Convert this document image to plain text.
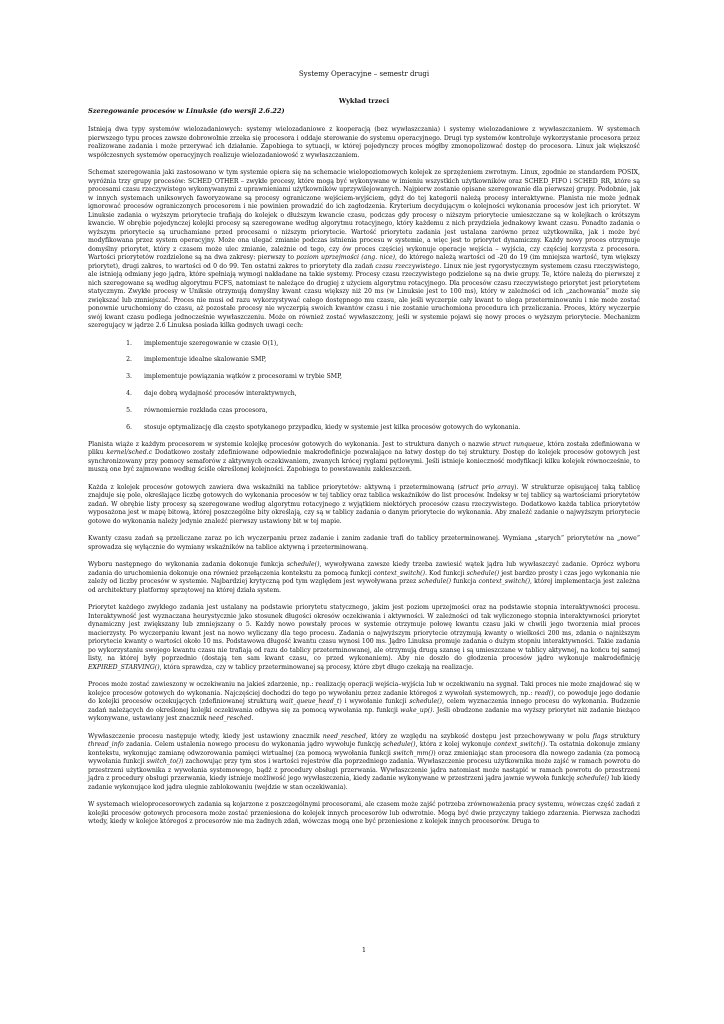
Systemy Operacyjne – semestr drugi
Wykład trzeci
Szeregowanie procesów w Linuksie (do wersji 2.6.22)

Istnieją dwa typy systemów wielozadaniowych: systemy wielozadaniowe z kooperacją (bez wywłaszczania) i systemy wielozadaniowe z wywłaszczaniem. W systemach pierwszego typu proces zawsze dobrowolnie zrzeka się procesora i oddaje sterowanie do systemu operacyjnego. Drugi typ systemów kontroluje wykorzystanie procesora przez realizowane zadania i może przerywać ich działanie. Zapobiega to sytuacji, w której pojedynczy proces mógłby zmonopolizować dostęp do procesora. Linux jak większość współczesnych systemów operacyjnych realizuje wielozadaniowość z wywłaszczaniem.

Schemat szeregowania jaki zastosowano w tym systemie opiera się na schemacie wielopoziomowych kolejek ze sprzężeniem zwrotnym. Linux, zgodnie ze standardem POSIX, wyróżnia trzy grupy procesów: SCHED_OTHER – zwykłe procesy, które mogą być wykonywane w imieniu wszystkich użytkowników oraz SCHED_FIFO i SCHED_RR, które są procesami czasu rzeczywistego wykonywanymi z uprawnieniami użytkowników uprzywilejowanych. Najpierw zostanie opisane szeregowanie dla pierwszej grupy. Podobnie, jak w innych systemach uniksowych faworyzowane są procesy ograniczone wejściem-wyjściem, gdyż do tej kategorii należą procesy interaktywne. Planista nie może jednak ignorować procesów ograniczonych procesorem i nie powinien prowadzić do ich zagłodzenia. Kryterium decydującym o kolejności wykonania procesów jest ich priorytet. W Linuksie zadania o wyższym priorytecie trafiają do kolejek o dłuższym kwancie czasu, podczas gdy procesy o niższym priorytecie umieszczane są w kolejkach o krótszym kwancie. W obrębie pojedynczej kolejki procesy są szeregowane według algorytmu rotacyjnego, który każdemu z nich przydziela jednakowy kwant czasu. Ponadto zadania o wyższym priorytecie są uruchamiane przed procesami o niższym priorytecie. Wartość priorytetu zadania jest ustalana zarówno przez użytkownika, jak i może być modyfikowana przez system operacyjny. Może ona ulegać zmianie podczas istnienia procesu w systemie, a więc jest to priorytet dynamiczny. Każdy nowy proces otrzymuje domyślny priorytet, który z czasem może ulec zmianie, zależnie od tego, czy ów proces częściej wykonuje operacje wejścia – wyjścia, czy częściej korzysta z procesora. Wartości priorytetów rozdzielone są na dwa zakresy: pierwszy to poziom uprzejmości (ang. nice), do którego należą wartości od -20 do 19 (im mniejsza wartość, tym większy priorytet), drugi zakres, to wartości od 0 do 99. Ten ostatni zakres to priorytety dla zadań czasu rzeczywistego. Linux nie jest rygorystycznym systemem czasu rzeczywistego, ale istnieją odmiany jego jądra, które spełniają wymogi nakładane na takie systemy. Procesy czasu rzeczywistego podzielone są na dwie grupy. Te, które należą do pierwszej z nich szeregowane są według algorytmu FCFS, natomiast te należące do drugiej z użyciem algorytmu rotacyjnego. Dla procesów czasu rzeczywistego priorytet jest priorytetem statycznym. Zwykłe procesy w Uniksie otrzymują domyślny kwant czasu większy niż 20 ms (w Linuksie jest to 100 ms), który w zależności od ich „zachowania” może się zwiększać lub zmniejszać. Proces nie musi od razu wykorzystywać całego dostępnego mu czasu, ale jeśli wyczerpie cały kwant to ulega przeterminowaniu i nie może zostać ponownie uruchomiony do czasu, aż pozostałe procesy nie wyczerpią swoich kwantów czasu i nie zostanie uruchomiona procedura ich przeliczania. Proces, który wyczerpie swój kwant czasu podlega jednocześnie wywłaszczeniu. Może on również zostać wywłaszczony, jeśli w systemie pojawi się nowy proces o wyższym priorytecie. Mechanizm szeregujący w jądrze 2.6 Linuksa posiada kilka godnych uwagi cech:

1. implementuje szeregowanie w czasie O(1),
2. implementuje idealne skalowanie SMP,
3. implementuje powiązania wątków z procesorami w trybie SMP,
4. daje dobrą wydajność procesów interaktywnych,
5. równomiernie rozkłada czas procesora,
6. stosuje optymalizację dla często spotykanego przypadku, kiedy w systemie jest kilka procesów gotowych do wykonania.

Planista wiąże z każdym procesorem w systemie kolejkę procesów gotowych do wykonania. Jest to struktura danych o nazwie struct runqueue, która została zdefiniowana w pliku kernel/sched.c Dodatkowo zostały zdefiniowane odpowiednie makrodefinicje pozwalające na łatwy dostęp do tej struktury. Dostęp do kolejek procesów gotowych jest synchronizowany przy pomocy semaforów z aktywnych oczekiwaniem, zwanych krócej ryglami pętlowymi. Jeśli istnieje konieczność modyfikacji kilku kolejek równocześnie, to muszą one być zajmowane według ściśle określonej kolejności. Zapobiega to powstawaniu zakleszczeń.

Każda z kolejek procesów gotowych zawiera dwa wskaźniki na tablice priorytetów: aktywną i przeterminowaną (struct prio_array). W strukturze opisującej taką tablicę znajduje się pole, określające liczbę gotowych do wykonania procesów w tej tablicy oraz tablica wskaźników do list procesów. Indeksy w tej tablicy są wartościami priorytetów zadań. W obrębie listy procesy są szeregowane według algorytmu rotacyjnego z wyjątkiem niektórych procesów czasu rzeczywistego. Dodatkowo każda tablica priorytetów wyposażona jest w mapę bitową, której poszczególne bity określają, czy są w tablicy zadania o danym priorytecie do wykonania. Aby znaleźć zadanie o najwyższym priorytecie gotowe do wykonania należy jedynie znaleźć pierwszy ustawiony bit w tej mapie.

Kwanty czasu zadań są przeliczane zaraz po ich wyczerpaniu przez zadanie i zanim zadanie trafi do tablicy przeterminowanej. Wymiana „starych” priorytetów na „nowe” sprowadza się wyłącznie do wymiany wskaźników na tablice aktywną i przeterminowaną.

Wyboru następnego do wykonania zadania dokonuje funkcja schedule(), wywoływana zawsze kiedy trzeba zawiesić wątek jądra lub wywłaszczyć zadanie. Oprócz wyboru zadania do uruchomienia dokonuje ona również przełączenia kontekstu za pomocą funkcji context_switch(). Kod funkcji schedule() jest bardzo prosty i czas jego wykonania nie zależy od liczby procesów w systemie. Najbardziej krytyczną pod tym względem jest wywoływana przez schedule() funkcja context_switch(), której implementacja jest zależna od architektury platformy sprzętowej na której działa system.

Priorytet każdego zwykłego zadania jest ustalany na podstawie priorytetu statycznego, jakim jest poziom uprzejmości oraz na podstawie stopnia interaktywności procesu. Interaktywność jest wyznaczana heurystycznie jako stosunek długości okresów oczekiwania i aktywności. W zależności od tak wyliczonego stopnia interaktywności priorytet dynamiczny jest zwiększany lub zmniejszany o 5. Każdy nowo powstały proces w systemie otrzymuje połowę kwantu czasu jaki w chwili jego tworzenia miał proces macierzysty. Po wyczerpaniu kwant jest na nowo wyliczany dla tego procesu. Zadania o najwyższym priorytecie otrzymują kwanty o wielkości 200 ms, zdania o najniższym priorytecie kwanty o wartości około 10 ms. Podstawowa długość kwantu czasu wynosi 100 ms. Jądro Linuksa promuje zadania o dużym stopniu interaktywności. Takie zadania po wykorzystaniu swojego kwantu czasu nie trafiają od razu do tablicy przeterminowanej, ale otrzymują drugą szansę i są umieszczane w tablicy aktywnej, na końcu tej samej listy, na której były poprzednio (dostają ten sam kwant czasu, co przed wykonaniem). Aby nie doszło do głodzenia procesów jądro wykonuje makrodefinicję EXPIRED_STARVING(), która sprawdza, czy w tablicy przeterminowanej są procesy, które zbyt długo czekają na realizacje.

Proces może zostać zawieszony w oczekiwaniu na jakieś zdarzenie, np.: realizację operacji wejścia–wyjścia lub w oczekiwaniu na sygnał. Taki proces nie może znajdować się w kolejce procesów gotowych do wykonania. Najczęściej dochodzi do tego po wywołaniu przez zadanie któregoś z wywołań systemowych, np.: read(), co powoduje jego dodanie do kolejki procesów oczekujących (zdefiniowanej strukturą wait_queue_head_t) i wywołanie funkcji schedule(), celem wyznaczenia innego procesu do wykonania. Budzenie zadań należących do określonej kolejki oczekiwania odbywa się za pomocą wywołania np. funkcji wake_up(). Jeśli obudzone zadanie ma wyższy priorytet niż zadanie bieżąco wykonywane, ustawiany jest znacznik need_resched.

Wywłaszczenie procesu następuje wtedy, kiedy jest ustawiony znacznik need_resched, który ze względu na szybkość dostępu jest przechowywany w polu flags struktury thread_info zadania. Celem ustalenia nowego procesu do wykonania jądro wywołuje funkcję schedule(), która z kolej wykonuje context_switch(). Ta ostatnia dokonuje zmiany kontekstu, wykonując zamianę odwzorowania pamięci wirtualnej (za pomocą wywołania funkcji switch_mm()) oraz zmieniając stan procesora dla nowego zadania (za pomocą wywołania funkcji switch_to()) zachowując przy tym stos i wartości rejestrów dla poprzedniego zadania. Wywłaszczenie procesu użytkownika może zajść w ramach powrotu do przestrzeni użytkownika z wywołania systemowego, bądź z procedury obsługi przerwania. Wywłaszczenie jądra natomiast może nastąpić w ramach powrotu do przestrzeni jądra z procedury obsługi przerwania, kiedy istnieje możliwość jego wywłaszczenia, kiedy zadanie wykonywane w przestrzeni jądra jawnie wywoła funkcję schedule() lub kiedy zadanie wykonujące kod jądra ulegnie zablokowaniu (wejdzie w stan oczekiwania).

W systemach wieloprocesorowych zadania są kojarzone z poszczególnymi procesorami, ale czasem może zajść potrzeba zrównoważenia pracy systemu, wówczas część zadań z kolejki procesów gotowych procesora może zostać przeniesiona do kolejek innych procesorów lub odwrotnie. Mogą być dwie przyczyny takiego zdarzenia. Pierwsza zachodzi wtedy, kiedy w kolejce któregoś z procesorów nie ma żadnych zdań, wówczas mogą one być przeniesione z kolejek innych procesorów. Druga to

1
